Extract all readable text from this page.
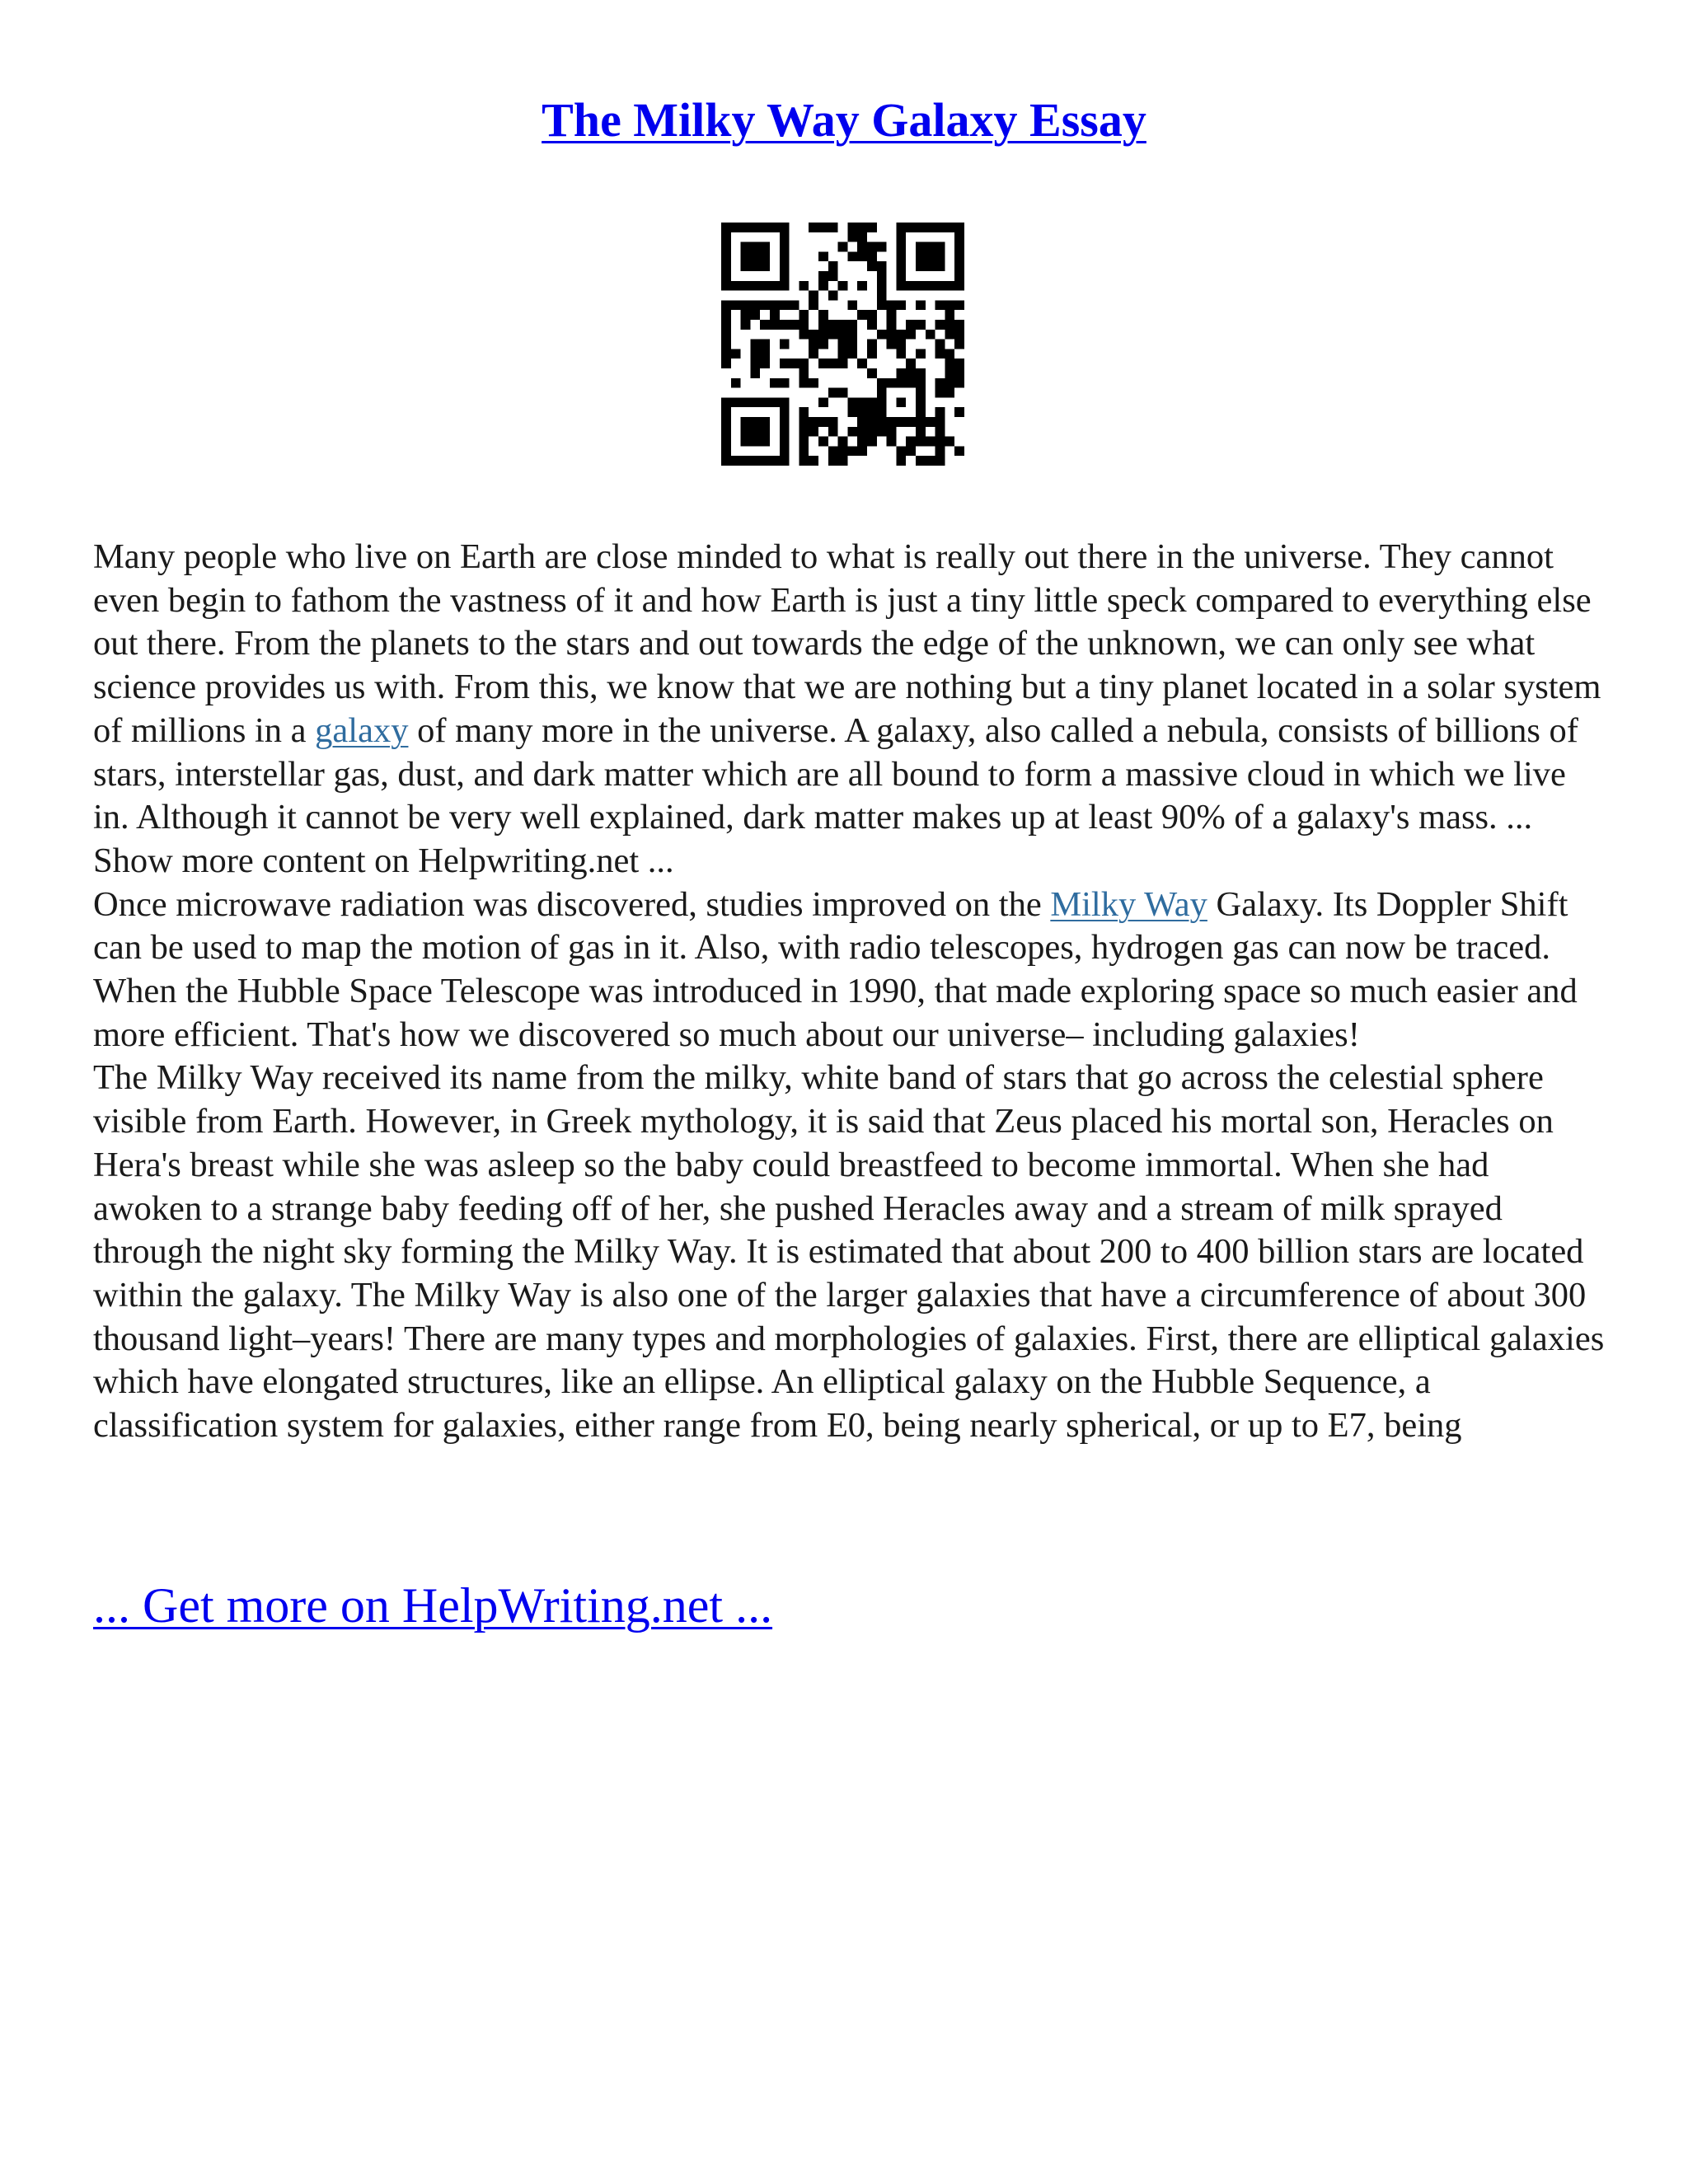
The Milky Way Galaxy Essay

Many people who live on Earth are close minded to what is really out there in the universe. They cannot even begin to fathom the vastness of it and how Earth is just a tiny little speck compared to everything else out there. From the planets to the stars and out towards the edge of the unknown, we can only see what science provides us with. From this, we know that we are nothing but a tiny planet located in a solar system of millions in a galaxy of many more in the universe. A galaxy, also called a nebula, consists of billions of stars, interstellar gas, dust, and dark matter which are all bound to form a massive cloud in which we live in. Although it cannot be very well explained, dark matter makes up at least 90% of a galaxy's mass. ... Show more content on Helpwriting.net ...

Once microwave radiation was discovered, studies improved on the Milky Way Galaxy. Its Doppler Shift can be used to map the motion of gas in it. Also, with radio telescopes, hydrogen gas can now be traced. When the Hubble Space Telescope was introduced in 1990, that made exploring space so much easier and more efficient. That's how we discovered so much about our universe– including galaxies!

The Milky Way received its name from the milky, white band of stars that go across the celestial sphere visible from Earth. However, in Greek mythology, it is said that Zeus placed his mortal son, Heracles on Hera's breast while she was asleep so the baby could breastfeed to become immortal. When she had awoken to a strange baby feeding off of her, she pushed Heracles away and a stream of milk sprayed through the night sky forming the Milky Way. It is estimated that about 200 to 400 billion stars are located within the galaxy. The Milky Way is also one of the larger galaxies that have a circumference of about 300 thousand light–years! There are many types and morphologies of galaxies. First, there are elliptical galaxies which have elongated structures, like an ellipse. An elliptical galaxy on the Hubble Sequence, a classification system for galaxies, either range from E0, being nearly spherical, or up to E7, being

... Get more on HelpWriting.net ...
